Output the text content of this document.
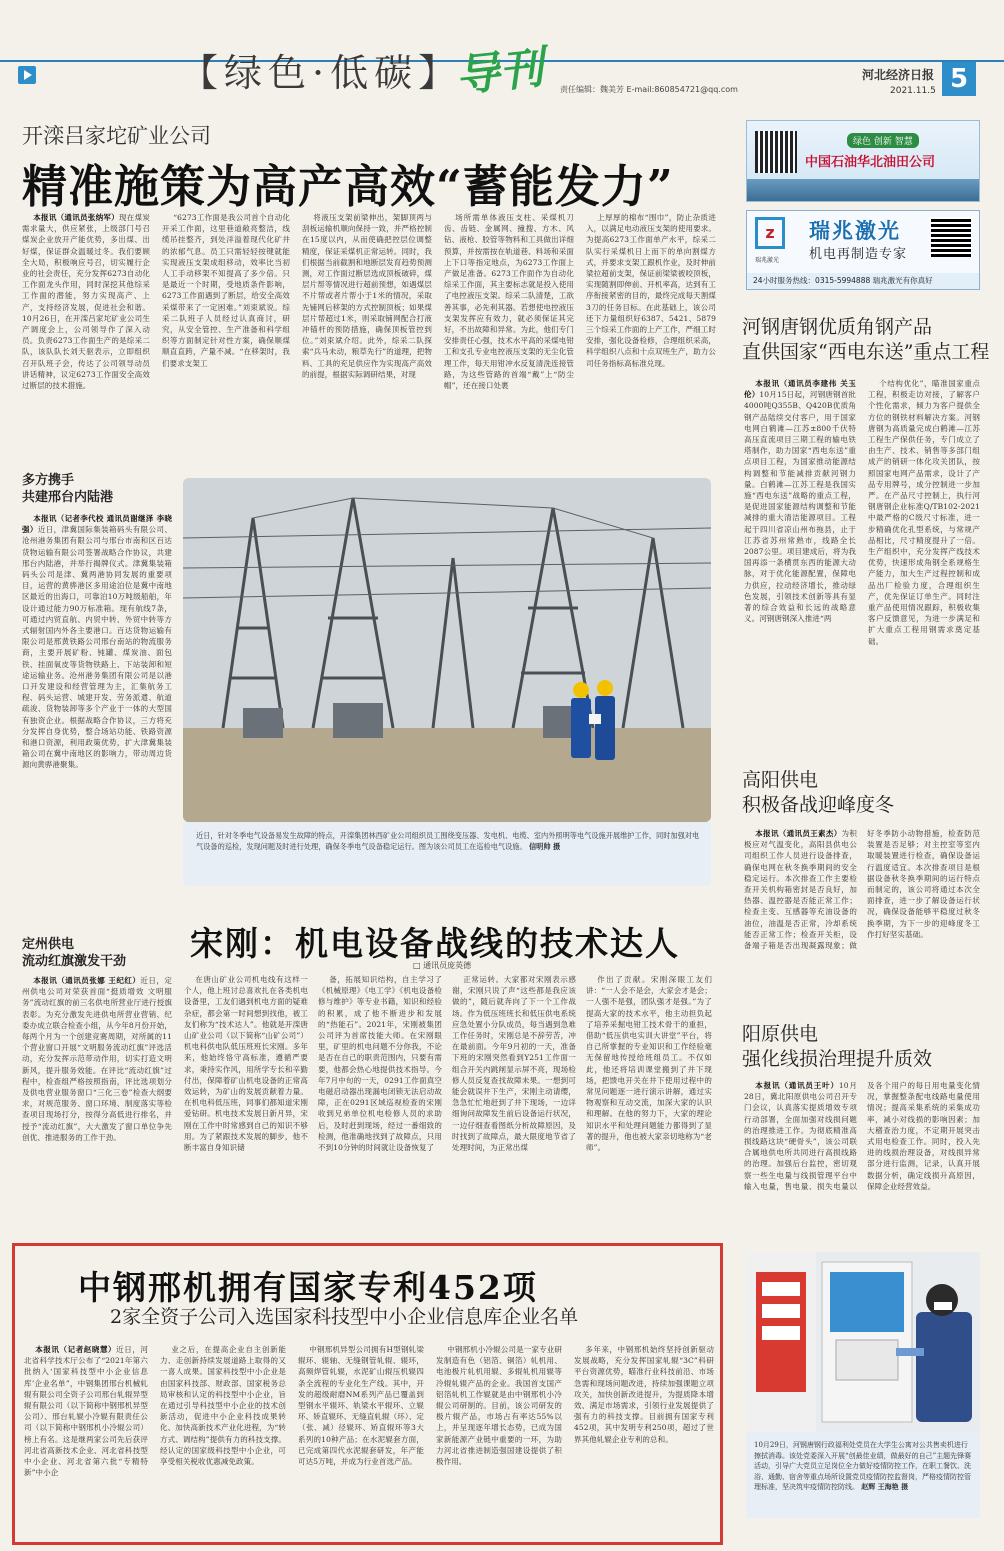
【绿色·低碳】
导刊 责任编辑：魏美芳 E-mail:860854721@qq.com
河北经济日报
2021.11.5 5
开滦吕家坨矿业公司
精准施策为高产高效“蓄能发力”

本报讯（通讯员张纳军）现在煤炭需求量大，供应紧张，上级部门号召煤炭企业放开产能优势，多出煤、出好煤，保证群众温暖过冬。我们要顾全大局，积极响应号召，切实履行企业的社会责任，充分发挥6273自动化工作面龙头作用，同时深挖其他综采工作面的潜能，努力实现高产、上产，支持经济发展，促进社会和谐。10月26日，在开滦吕家坨矿业公司生产调度会上，公司领导作了深入动员。负责6273工作面生产的是综采二队，该队队长刘天驱表示，立即组织召开队班子会，传达了公司领导动员讲话精神，议定6273工作面安全高效过断层的技术措施。

“6273工作面是我公司首个自动化开采工作面，这里巷道敞亮整洁，线缆吊挂整齐，到处洋溢着现代化矿井的浓郁气息。员工只需轻轻按键就能实现液压支架成组移动，效率比当初人工手动移架不知提高了多少倍。只是最近一个时期，受地质条件影响，6273工作面遇到了断层，给安全高效采煤带来了一定困难。”刘束斌说。综采二队班子人员经过认真商讨，研究，从安全管控、生产准备和科学组织等方面制定针对性方案，确保顺煤顺直直跨，产量不减。“在移架时，我们要求支架工

将液压支架前梁伸出，架脚顶两与刮板运输机顺向保持一致，并严格控制在15度以内，从而使确把控层位调整精度，保证采煤机正常运转。同时，我们根据当前截割和地断层发育趋势预测测，对工作面过断层选成顶板破碎，煤层片帮等情况进行超前预想，如遇煤层不片帮或者片帮小于1米的情况，采取先铺网后移架的方式控制顶板；如果煤层片帮超过1米，则采取铺网配合打液冲锚杆的预防措施，确保顶板管控到位。”刘束斌介绍。此外，综采二队探索“兵马未动，粮草先行”的道理，把物料、工具的充足供应作为实现高产高效的前提，根据实际调研结果，对现

场所需单体液压支柱、采煤机刀齿、齿链、金属网、撞搜、方木、风钻、液枪、胶管等物料和工具做出详细预算，并按需按在轨道巷、料场和采面上下口等指定地点，为6273工作面上产做足准备。6273工作面作为自动化综采工作面，其主要标志就是投入使用了电控液压支架。综采二队清楚，工欲善其事，必先利其器。若想使电控液压支架发挥应有效力，就必须保证其完好，不出故障和异常。为此，他们专门安排责任心强，技术水平高的采煤电钳工和支孔专业电控液压支架的无尘化管理工作，每天用钳冲水反复清洗连接管路，为这些管路的首端“戴”上“防尘帽”，还在接口处裹

上厚厚的棉布“围巾”，防止杂质进入，以满足电动液压支架的使用要求。为提高6273工作面单产水平，综采二队实行采煤机日上而下的单向割煤方式，并要求支架工跟机作业，及时伸前梁拉超前支架，保证前梁梁被咬顶板，实现随割即伸前、开机率高，达到有工序衔接紧密的目的，最终完成每天割煤3刀的任务目标。在此基础上，该公司还下力量组织好6387、5421、5879三个综采工作面的上产工作，严细工时安排，强化设备检修，合理组织采高，科学组织八点和十点双班生产，助力公司任务指标高标准兑现。

绿色 创新 智慧
中国石油华北油田公司
z
瑞兆激光
瑞兆激光
机电再制造专家
24小时服务热线：0315-5994888 瑞兆激光有你真好
河钢唐钢优质角钢产品
直供国家“西电东送”重点工程

本报讯（通讯员李建伟 关玉伦）10月15日起，河钢唐钢首批4000吨Q355B、Q420B优质角钢产品陆续交付客户，用于国家电网白鹤滩—江苏±800千伏特高压直流项目三期工程的输电铁塔制作，助力国家“西电东送”重点项目工程，为国家推动能源结构调整和节能减排贡献河钢力量。白鹤滩—江苏工程是我国实施“西电东送”战略的重点工程，是促进国家能源结构调整和节能减排的重大清洁能源项目。工程起于四川省凉山州布拖县，止于江苏省苏州常熟市，线路全长2087公里。项目建成后，将为我国再添一条横贯东西的能源大动脉，对于优化能源配置，保障电力供应，拉动经济增长，推动绿色发展，引领技术创新等具有显著的综合效益和长远的战略意义。河钢唐钢深入推进“两

个结构优化”，瞄准国家重点工程，积极走访对接，了解客户个性化需求，倾力为客户提供全方位的钢铁材料解决方案。河钢唐钢为高质量完成白鹤滩—江苏工程生产保供任务，专门成立了由生产、技术、销售等多部门组成产的销研一体化攻关团队，按照国家电网产品需求，设计了产品专用牌号，成分控制进一步加严。在产品尺寸控制上，执行河钢唐钢企业标准Q/TB102-2021中最严格的C级尺寸标准，进一步精确优化孔型系统，与常规产品相比，尺寸精度提升了一倍。生产组织中，充分发挥产线技术优势，快速形成角钢全系规格生产能力，加大生产过程控制和成品出厂检验力度，合理组织生产，优先保证订单生产。同时注重产品使用情况跟踪，积极收集客户反馈意见，为进一步满足和扩大重点工程用钢需求奠定基础。

多方携手
共建邢台内陆港

本报讯（记者李代校 通讯员谢继泽 李晓强）近日，津冀国际集装箱码头有限公司、沧州港务集团有限公司与邢台市南和区百达货物运输有限公司签署战略合作协议，共建邢台内陆港，并举行揭牌仪式。津冀集装箱码头公司是津、冀两港协同发展的重要项目，运营的黄骅港区多用途泊位是冀中南地区最近的出海口，可靠泊10万吨级船舶，年设计通过能力90万标准箱。现有航线7条，可通过内贸直航、内贸中转、外贸中转等方式辐射国内外各主要港口。百达货物运输有限公司是邢黄铁路公司邢台南站的物流服务商，主要开展矿粉、钝罐、煤炭油、面包铁、挂面氧皮等货物铁路上、下站装卸和短途运输业务。沧州港务集团有限公司是以港口开发建设和经营管理为主，汇集航务工程、码头运营、城建开发、劳务派遣、航道疏浚、货物装卸等多个产业于一体的大型国有独资企业。根据战略合作协议，三方将充分发挥自身优势，整合场站功能、铁路资源和港口资源，利用政策优势，扩大津冀集装箱公司在冀中南地区的影响力，带动周边货源向黄骅港聚集。

近日，针对冬季电气设备易发生故障的特点，开滦集团林西矿业公司组织员工围绕变压器、发电机、电缆、室内外照明等电气设施开展维护工作，同时加强对电气设备的巡检，发现问题及时进行处理，确保冬季电气设备稳定运行。图为该公司员工在巡检电气设施。 信明帅 摄
高阳供电
积极备战迎峰度冬

本报讯（通讯员王素杰）为积极应对气温变化，高阳县供电公司组织工作人员进行设备排查，确保电网在秋冬换季期间的安全稳定运行。本次排查工作主要检查开关机构箱密封是否良好，加热器、温控器是否能正常工作；检查主变、互感器等充油设备的油位，油温是否正常，冷却系统能否正常工作；检查开关柜，设备端子箱是否出现凝露现象；做好冬季防小动物措施，检查防范装置是否足够；对主控室等室内取暖装置进行检查，确保设备运行温度适宜。本次排查项目是根据设备秋冬换季期间的运行特点而制定的，该公司将通过本次全面排查，进一步了解设备运行状况，确保设备能够平稳度过秋冬换季期，为下一步的迎峰度冬工作打好坚实基础。

宋刚：机电设备战线的技术达人
□ 通讯员庞英德

在唐山矿业公司机电线有这样一个人，他上班讨总喜欢扎在各类机电设备里，工友们遇到机电方面的疑难杂症，都会第一时间想到找他，被工友们称为“技术达人”。他就是开滦唐山矿业公司（以下简称“山矿公司”）机电科供电队低压班班长宋刚。多年来，他始终恪守高标准，遵循严要求，秉持实作风，用所学专长和辛勤付出，保障着矿山机电设备的正常高效运转，为矿山的发展贡献着力量。在机电科低压班，同事们都知道宋刚爱钻研。机电技术发展日新月异，宋刚在工作中时常感到自己的知识不够用。为了紧跟技术发展的脚步，他不断丰富自身知识储

备，拓展知识结构，自主学习了《机械原理》《电工学》《机电设备检修与维护》等专业书籍，知识和经验的积累，成了他不断进步和发展的“热能石”。2021年，宋刚被集团公司评为首席技能大师。在宋刚眼里，矿里的机电问题不分你我，不论是否在自己的职责范围内，只要有需要，他都会热心地提供技术指导。今年7月中旬的一天，0291工作面真空电磁启动器出现漏电闭锁无法启动故障，正在0291区域巡视检查的宋刚收到兄弟单位机电检修人员的求助后，及时赶到现场，经过一番细致的检测，他准确地找到了故障点，只用不到10分钟的时间就让设备恢复了

正常运转。大家都对宋刚表示感谢，宋刚只说了声“这些都是我应该做的”，随后就奔向了下一个工作战场。作为低压班班长和低压供电系统应急处置小分队成员，每当遇到急难工作任务时，宋刚总是不辞劳苦，冲在最前面。今年9月初的一天，准备下班的宋刚突然看到Y251工作面一组合开关内跳闸显示屏不亮，现场检修人员反复查找故障未果。一想到可能会就误井下生产，宋刚主动请缨，急急忙忙地赶到了井下现场，一边详细询问故障发生前后设备运行状况，一边仔细查看图纸分析故障原因，及时找到了故障点，最大限度地节省了处理时间，为正常出煤

作出了贡献。宋刚深眼工友们讲：“一人会不是会，大家会才是会；一人强不是强，团队强才是强。”为了提高大家的技术水平，他主动担负起了培养采掘电钳工技术骨干的重担，借助“低压供电实训大讲堂”平台，将自己所掌握的专业知识和工作经验毫无保留地传授给班组员工。不仅如此，他还将培训课堂搬到了井下现场，把馈电开关在井下使用过程中的常见问题逐一进行演示讲解，通过实物观察和互动交流，加深大家的认识和理解。在他的努力下，大家的理论知识水平和处理问题能力都得到了显著的提升，他也被大家亲切地称为“老师”。

定州供电
流动红旗激发干劲

本报讯（通讯员张娜 王纪红）近日，定州供电公司对荣获首面“挺质增效 文明服务”流动红旗的前三名供电所营业厅进行授旗表彰。为充分激发先进供电所营业营销、纪委办成立联合检查小组，从今年8月份开始，每两个月为一个创建竞赛周期，对所属的11个营业窗口开展“文明服务流动红旗”评选活动，充分发挥示范带动作用，切实打造文明新风，提升服务效能。在评比“流动红旗”过程中，检查组严格按照指南，评比选项划分及供电营业服务窗口“三化三卷”检查大纲要求，对规范服务、窗口环境、制度落实等检查项目现场打分，按得分高低进行排名，并授予“流动红旗”，大大激发了窗口单位争先创优、推进服务的工作干劲。

阳原供电
强化线损治理提升质效

本报讯（通讯员王叶）10月28日，冀北阳原供电公司召开专门会议，认真落实提质增效专项行动部署，全面加强对线损问题的治理推进工作。为彻底精准高损线路这块“硬骨头”，该公司联合属地供电所共同进行高损线路的治理。加强后台监控，密切观察一些生电量与线损管理平台中输入电量，售电量、损失电量以及各个用户的每日用电量变化情况，掌握整条配电线路电量使用情况；提高采集系统的采集成功率，减小对线损的影响因素；加大稽查治力度，不定期开展突击式用电检查工作。同时，投入先进的线损治理设备，对线损异常部分进行监测，记录，认真开展数据分析，确定线损升高原因，保障企业经营效益。

中钢邢机拥有国家专利452项
2家全资子公司入选国家科技型中小企业信息库企业名单

本报讯（记者赵晓慧）近日，河北省科学技术厅公布了“2021年第六批纳入‘国家科技型中小企业信息库’企业名单”，中钢集团邢台机械轧辊有限公司全资子公司邢台轧辊异型辊有限公司（以下简称中钢邢机异型公司）、邢台轧辊小冷辊有限责任公司（以下简称中钢邢机小冷辊公司）榜上有名。这是继两家公司先后获评河北省高新技术企业、河北省科技型中小企业、河北省第六批“专精特新”中小企

业之后，在提高企业自主创新能力、走创新持续发展道路上取得的又一喜人成果。国家科技型中小企业是由国家科技部、财政部、国家税务总局审核和认定的科技型中小企业，旨在通过引导科技型中小企业的技术创新活动，促进中小企业科技成果转化、加快高新技术产业化进程，为“转方式、调结构”提供有力的科技支撑。经认定的国家级科技型中小企业，可享受相关税收优惠减免政策。

中钢邢机异型公司拥有H型钢轧梁辊环、辊轴、无缝钢管轧辊、辊环，高频焊管轧辊，水泥矿山辊压机辊四条全流程的专业化生产线。其中，开发的超级耐磨NM系列产品已覆盖到型钢水平辊环、轨梁水平辊环、立辊环、矫直辊环、无缝直轧辊（环）、定（张、减）径辊环、矫直辊环等3大系列的10种产品；在水泥辊套方面，已完成第四代水泥辊套研发，年产能可达5万吨，并成为行业首选产品。

中钢邢机小冷辊公司是一家专业研发制造有色（铝箔、铜箔）轧机用、电池极片轧机用辊、多辊轧机用辊等冷辊轧辊产品的企业。我国首支国产铝箔轧机工作辊就是由中钢邢机小冷辊公司研制的。目前，该公司研发的极片辊产品，市场占有率达55%以上，并呈现逐年增长态势，已成为国家新能源产业链中重要的一环，为助力河北省推进制造强国建设提供了积极作用。

多年来，中钢邢机始终坚持创新驱动发展战略，充分发挥国家轧辊“3C”科研平台资源优势，瞄准行业科技前沿、市场急需和现场问题改进，持续加强课题立项攻关，加快创新改进提升，为提质降本增效、满足市场需求，引领行业发展提供了强有力的科技支撑。目前拥有国家专利452项，其中发明专利250项，超过了世界其他轧辊企业专利的总和。

10月29日，河钢唐钢行政福利处党员在大学生公寓对公共售卖机进行擦拭消毒。该处党委深入开展“创最佳业绩，做最好的自己”主题先锋赛活动，引导广大党员立足岗位全力做好疫情防控工作，在职工餐饮、洗浴、通勤、宿舍等重点场所设置党员疫情防控监督岗，严格疫情防控管理标准，坚决筑牢疫情防控防线。 赵辉 王海艳 摄
